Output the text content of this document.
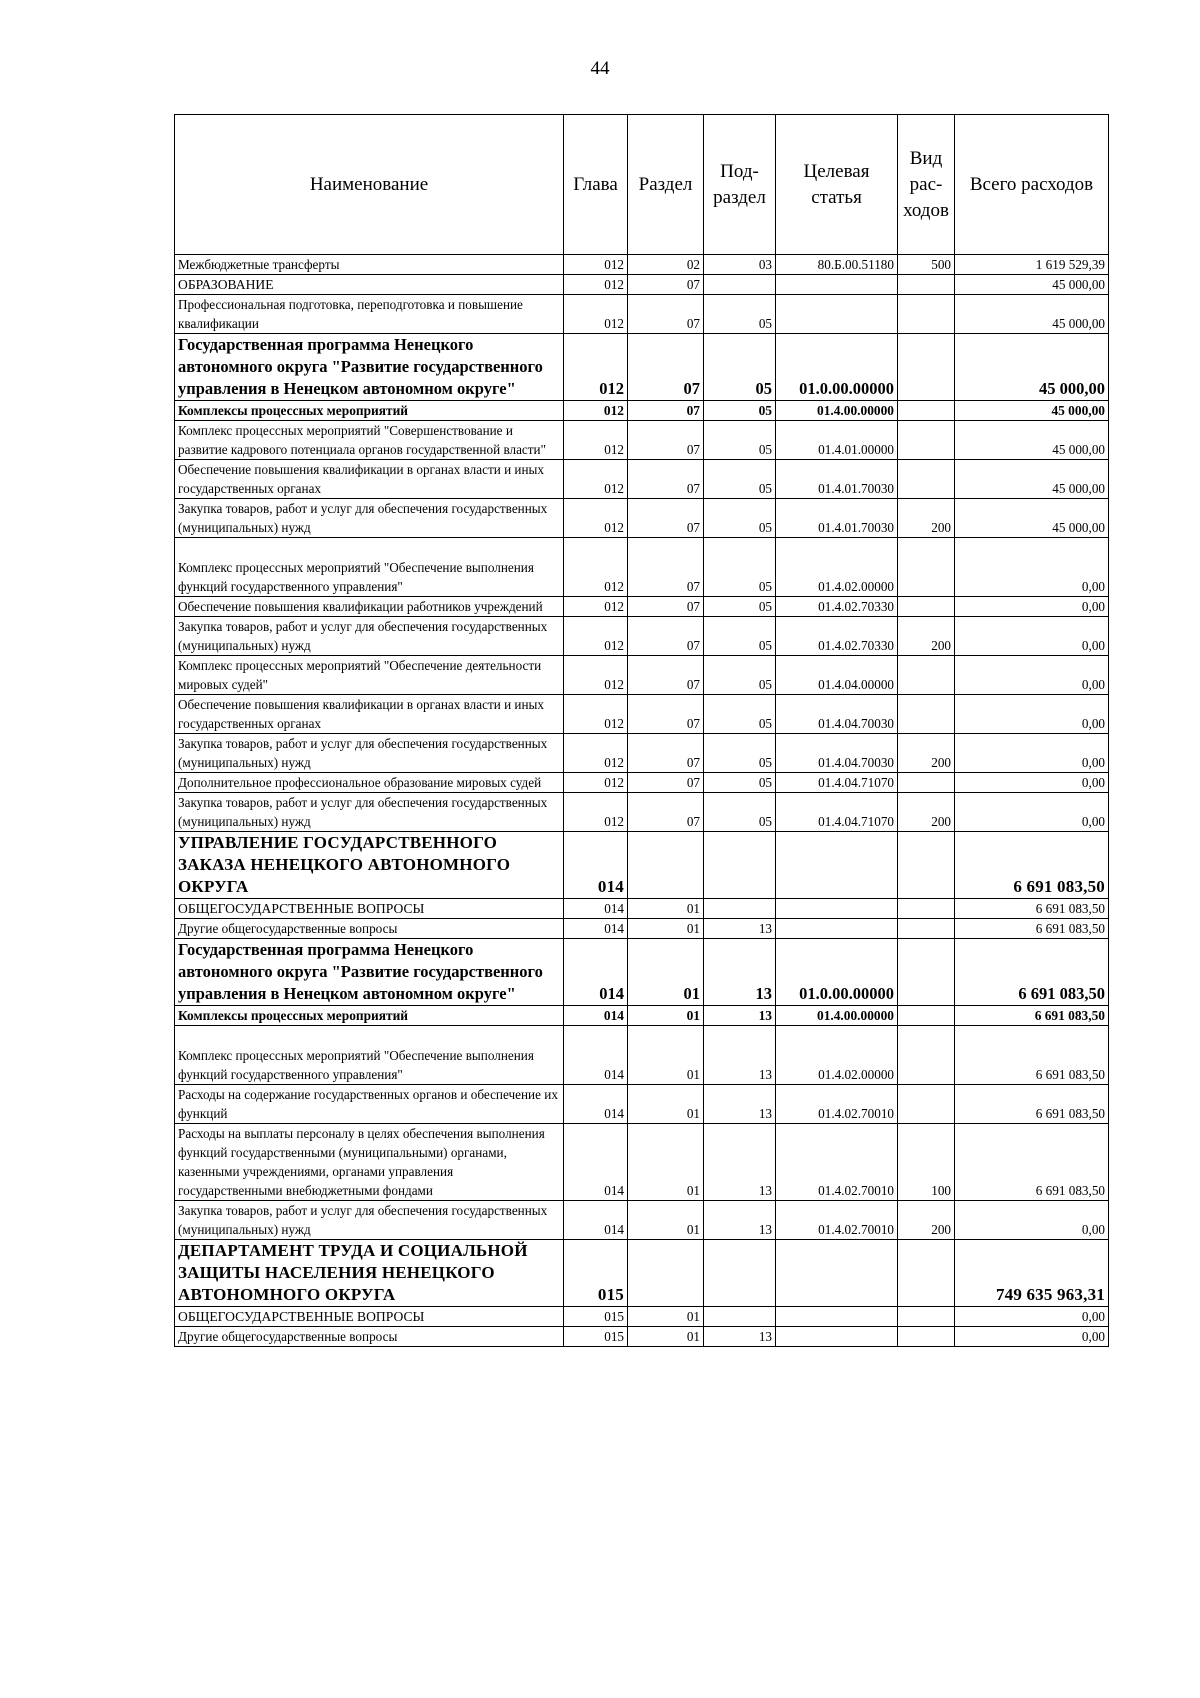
44
Наименование	Глава	Раздел	Под-раздел	Целевая статья	Вид рас-ходов	Всего расходов
Межбюджетные трансферты	012	02	03	80.Б.00.51180	500	1 619 529,39
ОБРАЗОВАНИЕ	012	07				45 000,00
Профессиональная подготовка, переподготовка и повышение квалификации	012	07	05			45 000,00
Государственная программа Ненецкого автономного округа "Развитие государственного управления в Ненецком автономном округе"	012	07	05	01.0.00.00000		45 000,00
Комплексы процессных мероприятий	012	07	05	01.4.00.00000		45 000,00
Комплекс процессных мероприятий "Совершенствование и развитие кадрового потенциала органов государственной власти"	012	07	05	01.4.01.00000		45 000,00
Обеспечение повышения квалификации в органах власти и иных государственных органах	012	07	05	01.4.01.70030		45 000,00
Закупка товаров, работ и услуг для обеспечения государственных (муниципальных) нужд	012	07	05	01.4.01.70030	200	45 000,00
Комплекс процессных мероприятий "Обеспечение выполнения функций государственного управления"	012	07	05	01.4.02.00000		0,00
Обеспечение повышения квалификации работников учреждений	012	07	05	01.4.02.70330		0,00
Закупка товаров, работ и услуг для обеспечения государственных (муниципальных) нужд	012	07	05	01.4.02.70330	200	0,00
Комплекс процессных мероприятий "Обеспечение деятельности мировых судей"	012	07	05	01.4.04.00000		0,00
Обеспечение повышения квалификации в органах власти и иных государственных органах	012	07	05	01.4.04.70030		0,00
Закупка товаров, работ и услуг для обеспечения государственных (муниципальных) нужд	012	07	05	01.4.04.70030	200	0,00
Дополнительное профессиональное образование мировых судей	012	07	05	01.4.04.71070		0,00
Закупка товаров, работ и услуг для обеспечения государственных (муниципальных) нужд	012	07	05	01.4.04.71070	200	0,00
УПРАВЛЕНИЕ ГОСУДАРСТВЕННОГО ЗАКАЗА НЕНЕЦКОГО АВТОНОМНОГО ОКРУГА	014					6 691 083,50
ОБЩЕГОСУДАРСТВЕННЫЕ ВОПРОСЫ	014	01				6 691 083,50
Другие общегосударственные вопросы	014	01	13			6 691 083,50
Государственная программа Ненецкого автономного округа "Развитие государственного управления в Ненецком автономном округе"	014	01	13	01.0.00.00000		6 691 083,50
Комплексы процессных мероприятий	014	01	13	01.4.00.00000		6 691 083,50
Комплекс процессных мероприятий "Обеспечение выполнения функций государственного управления"	014	01	13	01.4.02.00000		6 691 083,50
Расходы на содержание государственных органов и обеспечение их функций	014	01	13	01.4.02.70010		6 691 083,50
Расходы на выплаты персоналу в целях обеспечения выполнения функций государственными (муниципальными) органами, казенными учреждениями, органами управления государственными внебюджетными фондами	014	01	13	01.4.02.70010	100	6 691 083,50
Закупка товаров, работ и услуг для обеспечения государственных (муниципальных) нужд	014	01	13	01.4.02.70010	200	0,00
ДЕПАРТАМЕНТ ТРУДА И СОЦИАЛЬНОЙ ЗАЩИТЫ НАСЕЛЕНИЯ НЕНЕЦКОГО АВТОНОМНОГО ОКРУГА	015					749 635 963,31
ОБЩЕГОСУДАРСТВЕННЫЕ ВОПРОСЫ	015	01				0,00
Другие общегосударственные вопросы	015	01	13			0,00
